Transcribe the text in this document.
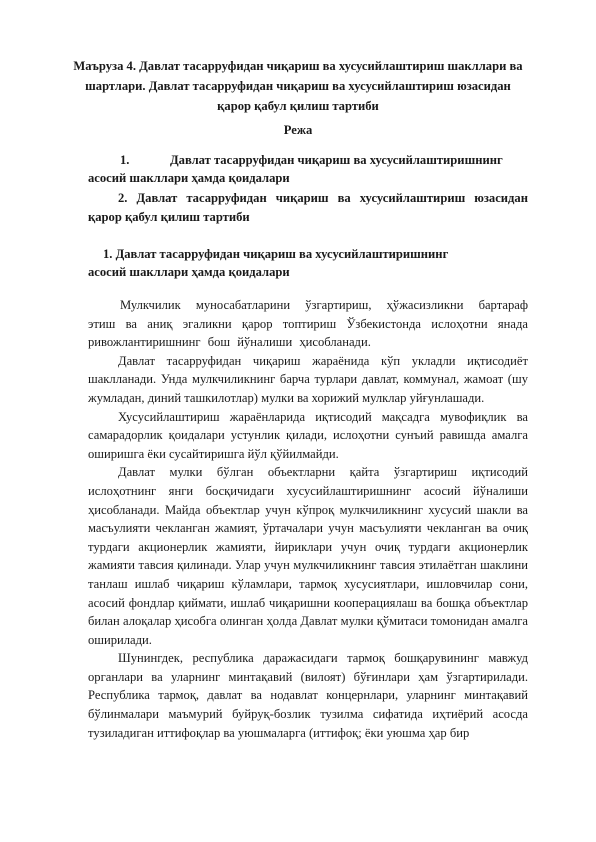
Маъруза 4. Давлат тасарруфидан чиқариш ва хусусийлаштириш шакллари ва шартлари. Давлат тасарруфидан чиқариш ва хусусийлаштириш юзасидан қарор қабул қилиш тартиби
Режа
1.	Давлат тасарруфидан чиқариш ва хусусийлаштиришнинг асосий шакллари ҳамда қоидалари
2. Давлат тасарруфидан чиқариш ва хусусийлаштириш юзасидан қарор қабул қилиш тартиби
1. Давлат тасарруфидан чиқариш ва хусусийлаштиришнинг
асосий шакллари ҳамда қоидалари

Мулкчилик муносабатларини ўзгартириш, ҳўжасизликни бартараф этиш ва аниқ эгаликни қарор топтириш Ўзбекистонда ислоҳотни янада ривожлантиришнинг бош йўналиши ҳисобланади.

Давлат тасарруфидан чиқариш жараёнида кўп укладли иқтисодиёт шаклланади. Унда мулкчиликнинг барча турлари давлат, коммунал, жамоат (шу жумладан, диний ташкилотлар) мулки ва хорижий мулклар уйғунлашади.

Хусусийлаштириш жараёнларида иқтисодий мақсадга мувофиқлик ва самарадорлик қоидалари устунлик қилади, ислоҳотни сунъий равишда амалга оширишга ёки сусайтиришга йўл қўйилмайди.

Давлат мулки бўлган объектларни қайта ўзгартириш иқтисодий ислоҳотнинг янги босқичидаги хусусийлаштиришнинг асосий йўналиши ҳисобланади. Майда объектлар учун кўпроқ мулкчиликнинг хусусий шакли ва масъулияти чекланган жамият, ўртачалари учун масъулияти чекланган ва очиқ турдаги акционерлик жамияти, йириклари учун очиқ турдаги акционерлик жамияти тавсия қилинади. Улар учун мулкчиликнинг тавсия этилаётган шаклини танлаш ишлаб чиқариш кўламлари, тармоқ хусусиятлари, ишловчилар сони, асосий фондлар қиймати, ишлаб чиқаришни кооперациялаш ва бошқа объектлар билан алоқалар ҳисобга олинган ҳолда Давлат мулки қўмитаси томонидан амалга оширилади.

Шунингдек, республика даражасидаги тармоқ бошқарувининг мавжуд органлари ва уларнинг минтақавий (вилоят) бўғинлари ҳам ўзгартирилади. Республика тармоқ, давлат ва нодавлат концернлари, уларнинг минтақавий бўлинмалари маъмурий буйруқ-бозлик тузилма сифатида иҳтиёрий асосда тузиладиган иттифоқлар ва уюшмаларга (иттифоқ; ёки уюшма ҳар бир
